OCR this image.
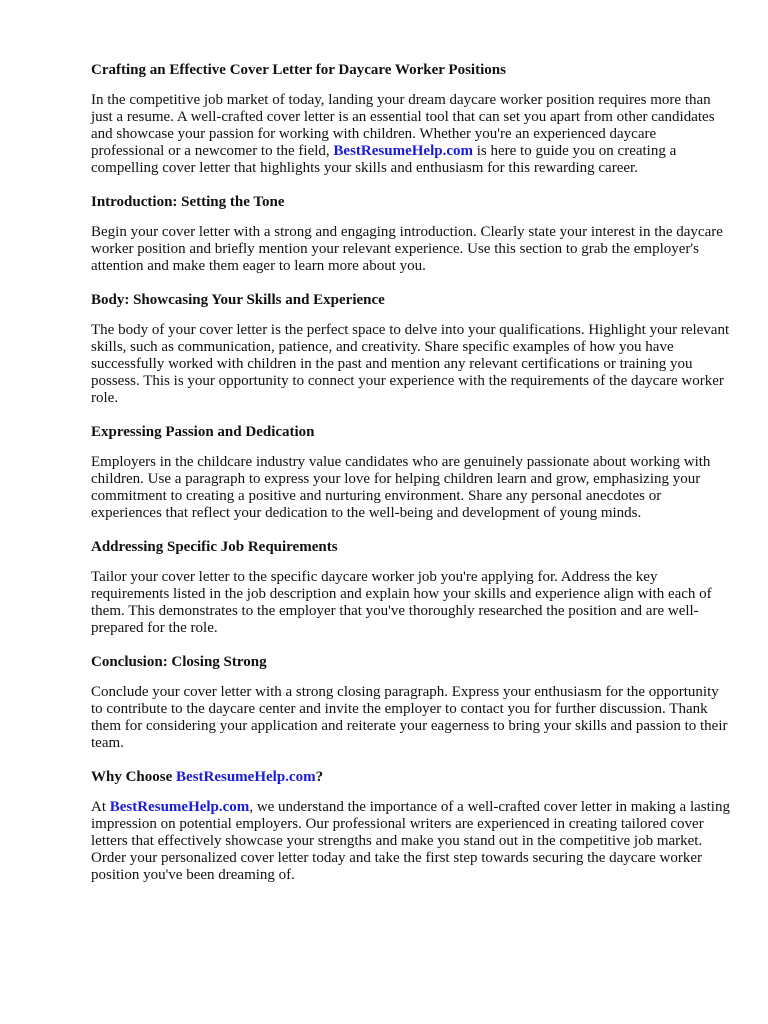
Crafting an Effective Cover Letter for Daycare Worker Positions

In the competitive job market of today, landing your dream daycare worker position requires more than just a resume. A well-crafted cover letter is an essential tool that can set you apart from other candidates and showcase your passion for working with children. Whether you're an experienced daycare professional or a newcomer to the field, BestResumeHelp.com is here to guide you on creating a compelling cover letter that highlights your skills and enthusiasm for this rewarding career.

Introduction: Setting the Tone

Begin your cover letter with a strong and engaging introduction. Clearly state your interest in the daycare worker position and briefly mention your relevant experience. Use this section to grab the employer's attention and make them eager to learn more about you.

Body: Showcasing Your Skills and Experience

The body of your cover letter is the perfect space to delve into your qualifications. Highlight your relevant skills, such as communication, patience, and creativity. Share specific examples of how you have successfully worked with children in the past and mention any relevant certifications or training you possess. This is your opportunity to connect your experience with the requirements of the daycare worker role.

Expressing Passion and Dedication

Employers in the childcare industry value candidates who are genuinely passionate about working with children. Use a paragraph to express your love for helping children learn and grow, emphasizing your commitment to creating a positive and nurturing environment. Share any personal anecdotes or experiences that reflect your dedication to the well-being and development of young minds.

Addressing Specific Job Requirements

Tailor your cover letter to the specific daycare worker job you're applying for. Address the key requirements listed in the job description and explain how your skills and experience align with each of them. This demonstrates to the employer that you've thoroughly researched the position and are well-prepared for the role.

Conclusion: Closing Strong

Conclude your cover letter with a strong closing paragraph. Express your enthusiasm for the opportunity to contribute to the daycare center and invite the employer to contact you for further discussion. Thank them for considering your application and reiterate your eagerness to bring your skills and passion to their team.

Why Choose BestResumeHelp.com?

At BestResumeHelp.com, we understand the importance of a well-crafted cover letter in making a lasting impression on potential employers. Our professional writers are experienced in creating tailored cover letters that effectively showcase your strengths and make you stand out in the competitive job market. Order your personalized cover letter today and take the first step towards securing the daycare worker position you've been dreaming of.
